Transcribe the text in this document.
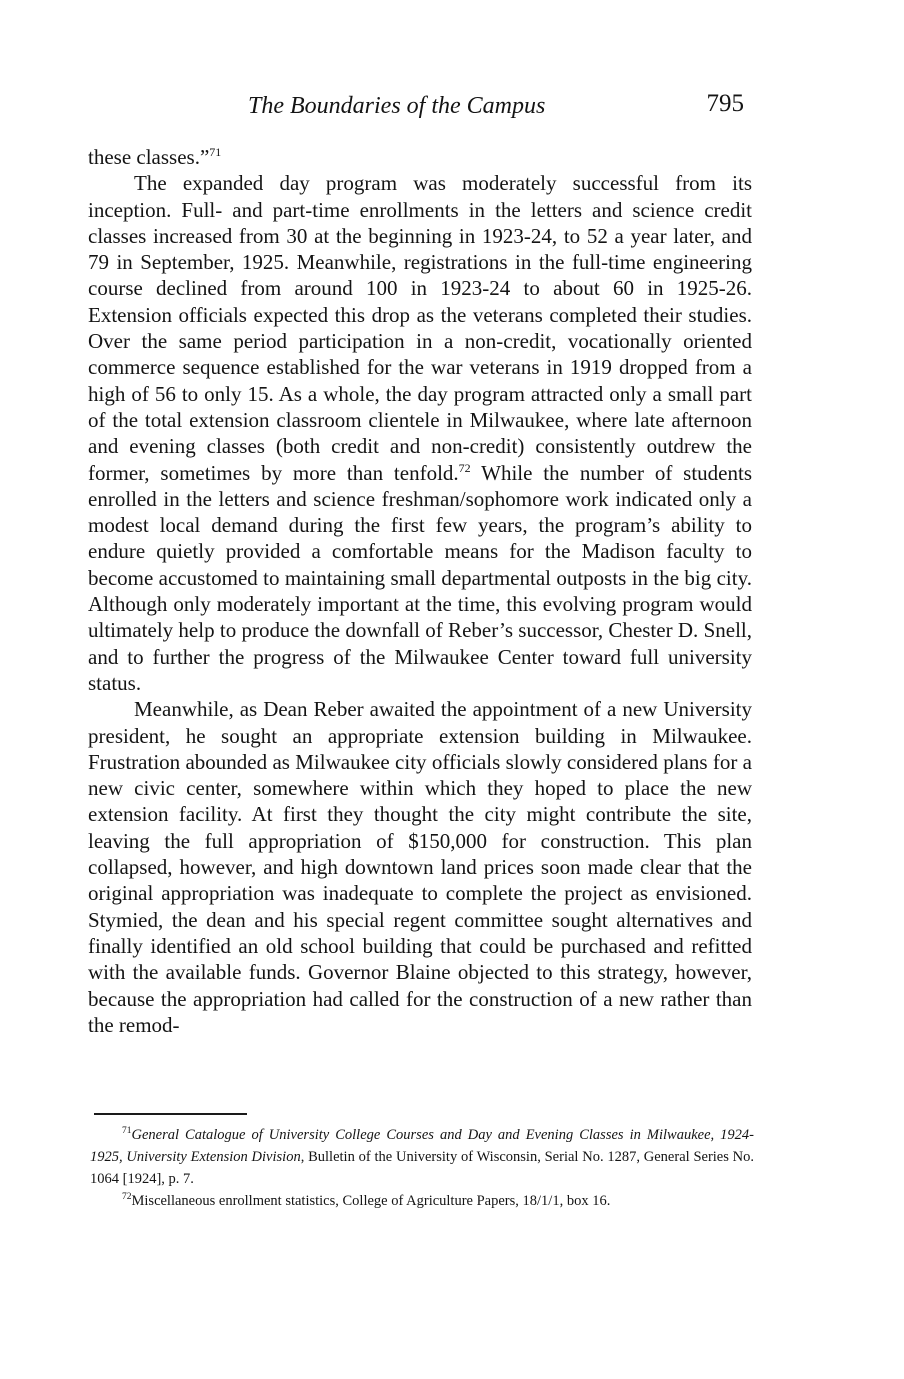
The Boundaries of the Campus	795

these classes.”$^{71}$

The expanded day program was moderately successful from its inception. Full- and part-time enrollments in the letters and science credit classes increased from 30 at the beginning in 1923-24, to 52 a year later, and 79 in September, 1925. Meanwhile, registrations in the full-time engineering course declined from around 100 in 1923-24 to about 60 in 1925-26. Extension officials expected this drop as the veterans completed their studies. Over the same period participation in a non-credit, vocationally oriented commerce sequence established for the war veterans in 1919 dropped from a high of 56 to only 15. As a whole, the day program attracted only a small part of the total extension classroom clientele in Milwaukee, where late afternoon and evening classes (both credit and non-credit) consistently outdrew the former, sometimes by more than tenfold.$^{72}$ While the number of students enrolled in the letters and science freshman/sophomore work indicated only a modest local demand during the first few years, the program’s ability to endure quietly provided a comfortable means for the Madison faculty to become accustomed to maintaining small departmental outposts in the big city. Although only moderately important at the time, this evolving program would ultimately help to produce the downfall of Reber’s successor, Chester D. Snell, and to further the progress of the Milwaukee Center toward full university status.

Meanwhile, as Dean Reber awaited the appointment of a new University president, he sought an appropriate extension building in Milwaukee. Frustration abounded as Milwaukee city officials slowly considered plans for a new civic center, somewhere within which they hoped to place the new extension facility. At first they thought the city might contribute the site, leaving the full appropriation of $150,000 for construction. This plan collapsed, however, and high downtown land prices soon made clear that the original appropriation was inadequate to complete the project as envisioned. Stymied, the dean and his special regent committee sought alternatives and finally identified an old school building that could be purchased and refitted with the available funds. Governor Blaine objected to this strategy, however, because the appropriation had called for the construction of a new rather than the remod-

$^{71}$General Catalogue of University College Courses and Day and Evening Classes in Milwaukee, 1924-1925, University Extension Division, Bulletin of the University of Wisconsin, Serial No. 1287, General Series No. 1064 [1924], p. 7.

$^{72}$Miscellaneous enrollment statistics, College of Agriculture Papers, 18/1/1, box 16.
